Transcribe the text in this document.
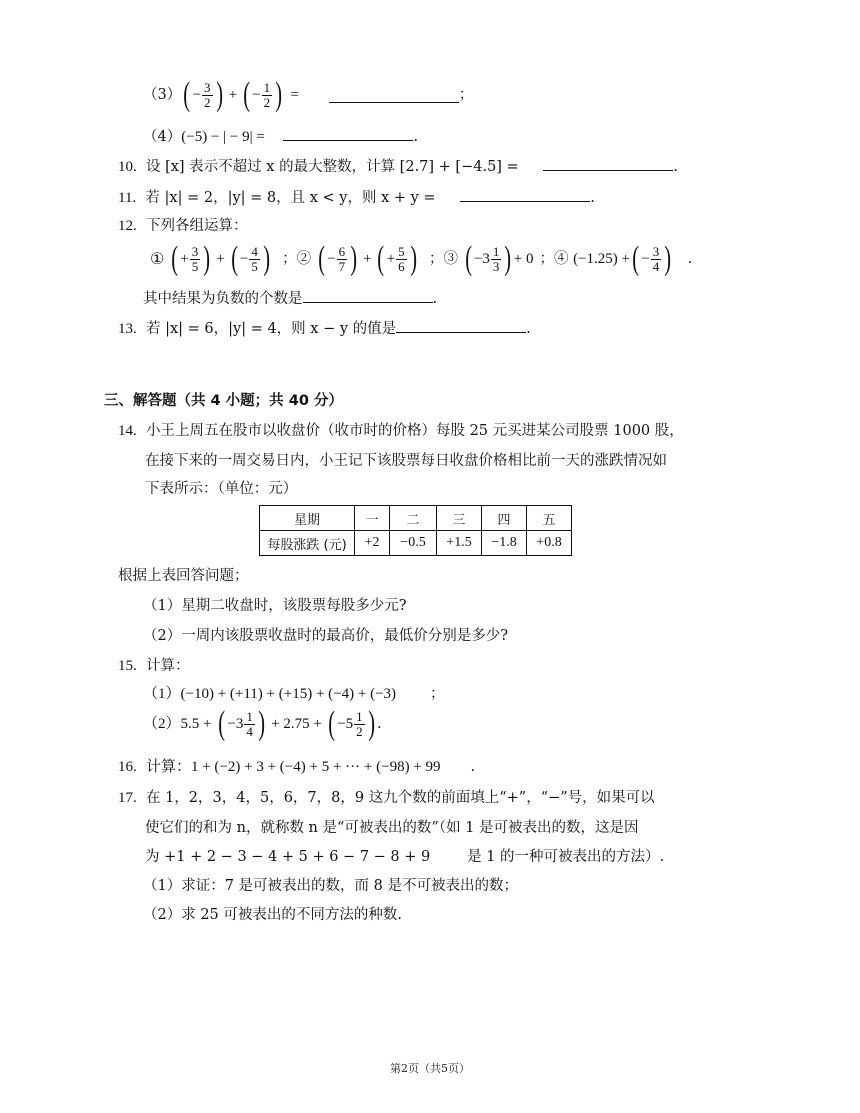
（3） ( − $\frac{3}{2}$ ) + ( − $\frac{1}{2}$ ) =	；
（4）(−5) − | − 9| =	.
10. 设 [x] 表示不超过 x 的最大整数，计算 [2.7] + [−4.5] =	.
11. 若 |x| = 2，|y| = 8，且 x < y，则 x + y =	.
12. 下列各组运算：
①
( + $\frac{3}{5}$ ) + ( − $\frac{4}{5}$ ) ；②
( − $\frac{6}{7}$ ) + ( + $\frac{5}{6}$ ) ；③
( $-3 \frac{1}{3}$ ) + 0 ；④
(−1.25) + ( − $\frac{3}{4}$ ) .
其中结果为负数的个数是	.
13. 若 |x| = 6，|y| = 4，则 x − y 的值是	.
三、解答题（共 4 小题；共 40 分）
14. 小王上周五在股市以收盘价（收市时的价格）每股 25 元买进某公司股票 1000 股，
在接下来的一周交易日内，小王记下该股票每日收盘价格相比前一天的涨跌情况如
下表所示：（单位：元）
星期	一	二	三	四	五
每股涨跌 (元)	+2	−0.5	+1.5	−1.8	+0.8
根据上表回答问题；
（1）星期二收盘时，该股票每股多少元?
（2）一周内该股票收盘时的最高价，最低价分别是多少?
15. 计算：
（1）(−10) + (+11) + (+15) + (−4) + (−3) ；
（2）5.5 +
( $-3 \frac{1}{4}$ ) + 2.75 + ( $-5 \frac{1}{2}$ ) .
16. 计算：1 + (−2) + 3 + (−4) + 5 + ··· + (−98) + 99 .
17. 在 1，2，3，4，5，6，7，8，9 这九个数的前面填上“+”，“−”号，如果可以
使它们的和为 n，就称数 n 是“可被表出的数”（如 1 是可被表出的数，这是因
为 +1 + 2 − 3 − 4 + 5 + 6 − 7 − 8 + 9        是 1 的一种可被表出的方法）.
（1）求证：7 是可被表出的数，而 8 是不可被表出的数；
（2）求 25 可被表出的不同方法的种数.
第2页（共5页）
